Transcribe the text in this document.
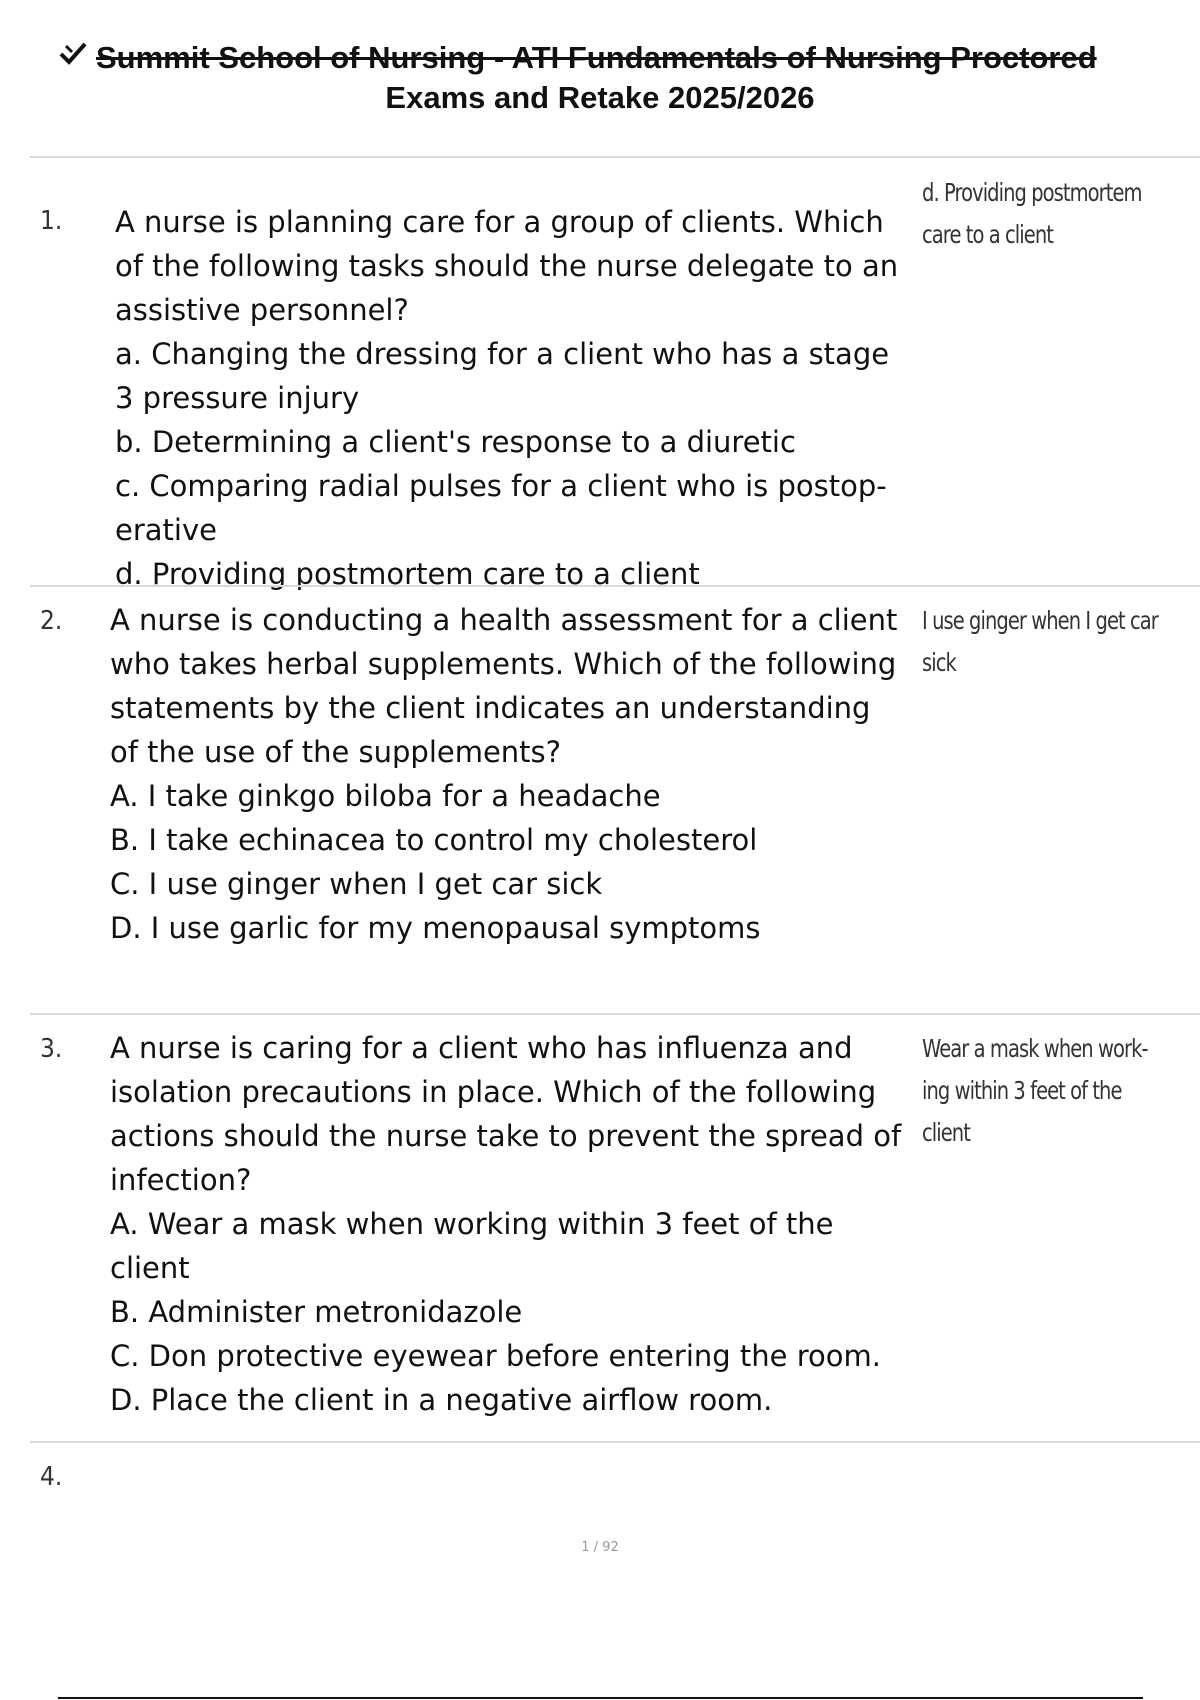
Summit School of Nursing - ATI Fundamentals of Nursing Proctored
Exams and Retake 2025/2026
1. A nurse is planning care for a group of clients. Which

of the following tasks should the nurse delegate to an

assistive personnel?

a. Changing the dressing for a client who has a stage

3 pressure injury

b. Determining a client's response to a diuretic

c. Comparing radial pulses for a client who is postop-

erative

d. Providing postmortem care to a client

d. Providing postmortem
care to a client
2. A nurse is conducting a health assessment for a client

who takes herbal supplements. Which of the following

statements by the client indicates an understanding

of the use of the supplements?

A. I take ginkgo biloba for a headache

B. I take echinacea to control my cholesterol

C. I use ginger when I get car sick

D. I use garlic for my menopausal symptoms

I use ginger when I get car
sick
3. A nurse is caring for a client who has influenza and

isolation precautions in place. Which of the following

actions should the nurse take to prevent the spread of

infection?

A. Wear a mask when working within 3 feet of the

client

B. Administer metronidazole

C. Don protective eyewear before entering the room.

D. Place the client in a negative airflow room.

Wear a mask when work-
ing within 3 feet of the
client
4.
1 / 92
